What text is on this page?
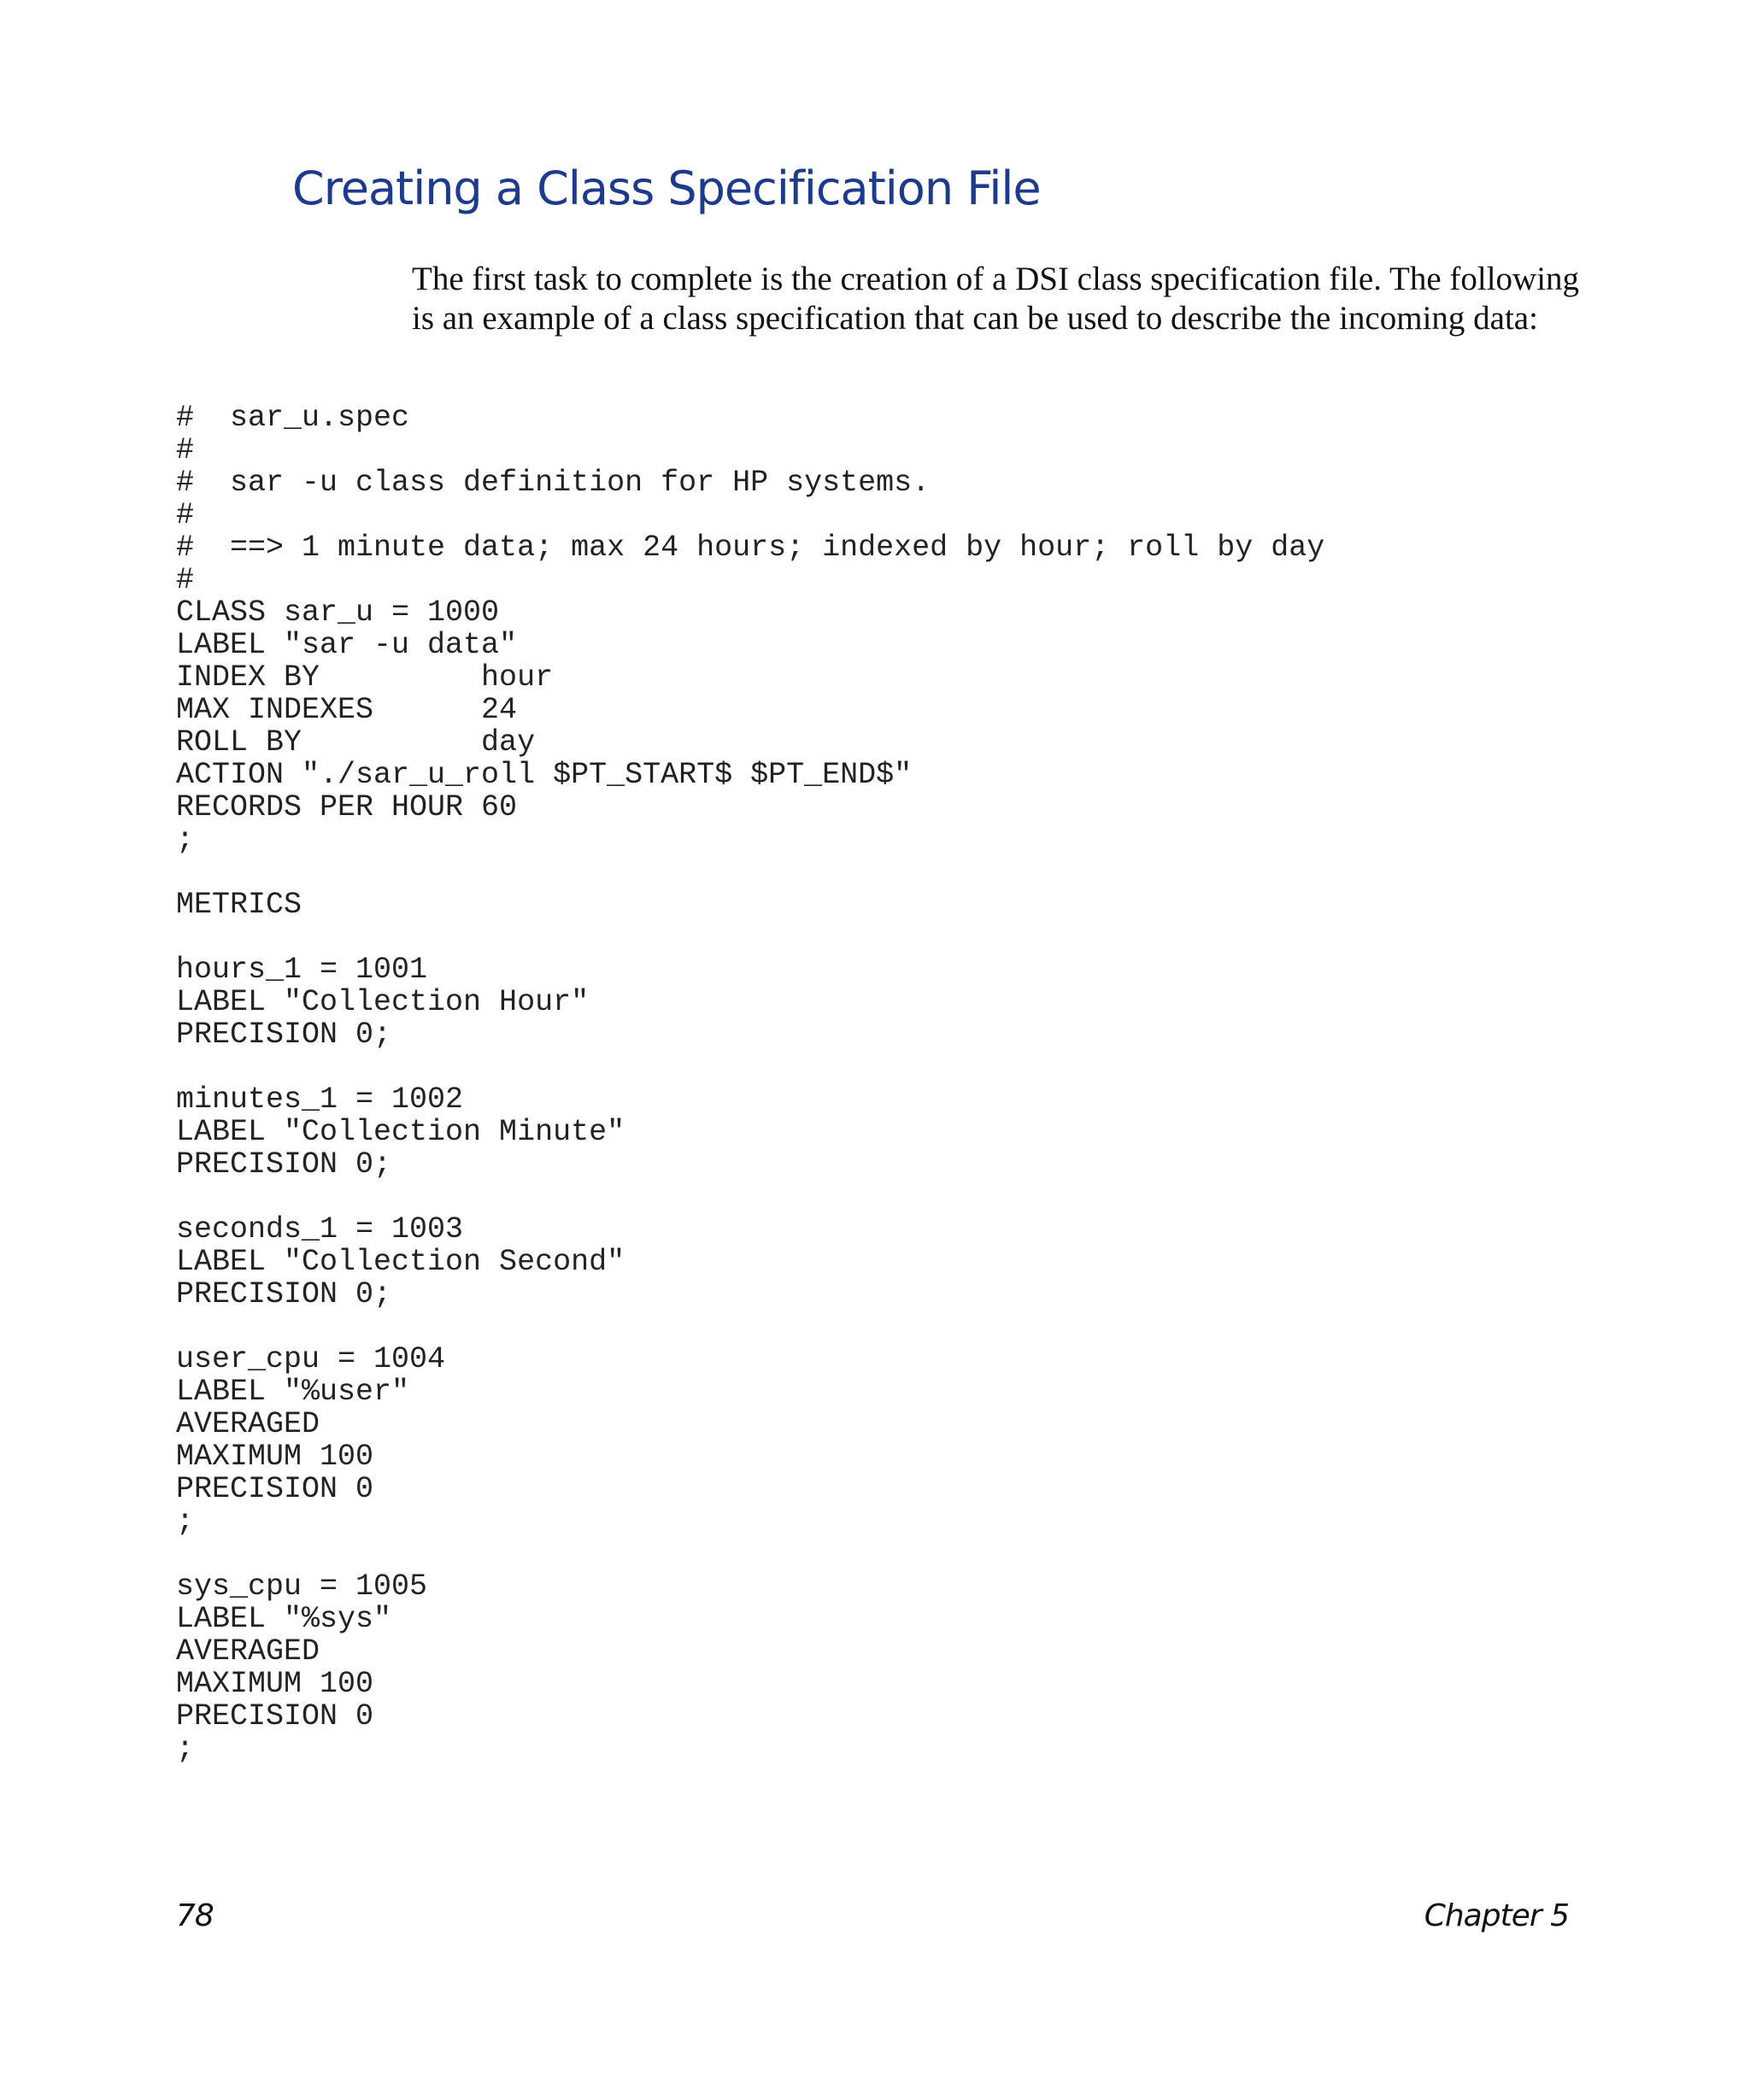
Creating a Class Specification File

The first task to complete is the creation of a DSI class specification file. The following is an example of a class specification that can be used to describe the incoming data:

#  sar_u.spec
#
#  sar -u class definition for HP systems.
#
#  ==> 1 minute data; max 24 hours; indexed by hour; roll by day
#
CLASS sar_u = 1000
LABEL "sar -u data"
INDEX BY         hour
MAX INDEXES      24
ROLL BY          day
ACTION "./sar_u_roll $PT_START$ $PT_END$"
RECORDS PER HOUR 60
;
METRICS
hours_1 = 1001
LABEL "Collection Hour"
PRECISION 0;
minutes_1 = 1002
LABEL "Collection Minute"
PRECISION 0;
seconds_1 = 1003
LABEL "Collection Second"
PRECISION 0;
user_cpu = 1004
LABEL "%user"
AVERAGED
MAXIMUM 100
PRECISION 0
;
sys_cpu = 1005
LABEL "%sys"
AVERAGED
MAXIMUM 100
PRECISION 0
;
78	Chapter 5
